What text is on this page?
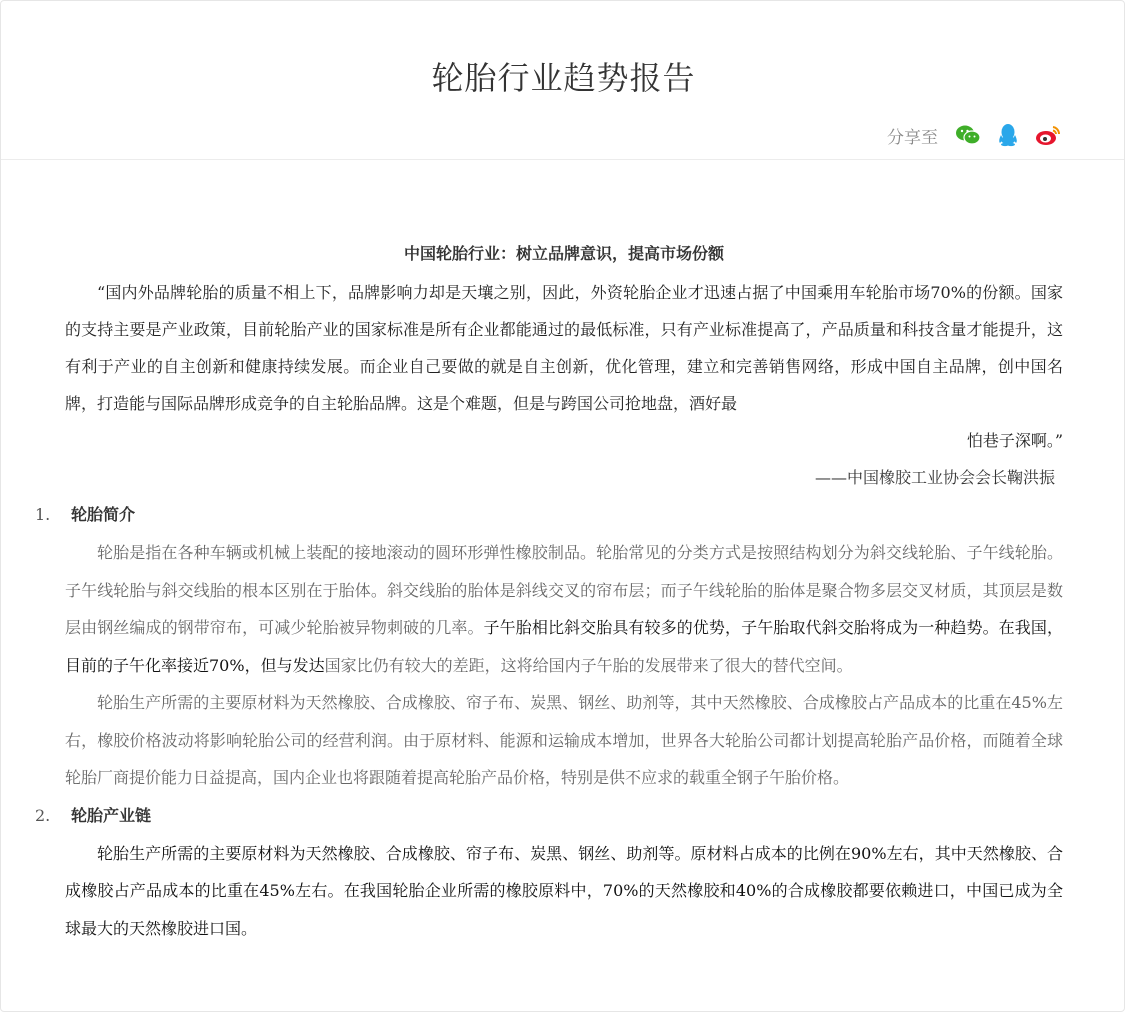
轮胎行业趋势报告
分享至
中国轮胎行业：树立品牌意识，提高市场份额

“国内外品牌轮胎的质量不相上下，品牌影响力却是天壤之别，因此，外资轮胎企业才迅速占据了中国乘用车轮胎市场70%的份额。国家的支持主要是产业政策，目前轮胎产业的国家标准是所有企业都能通过的最低标准，只有产业标准提高了，产品质量和科技含量才能提升，这有利于产业的自主创新和健康持续发展。而企业自己要做的就是自主创新，优化管理，建立和完善销售网络，形成中国自主品牌，创中国名牌，打造能与国际品牌形成竞争的自主轮胎品牌。这是个难题，但是与跨国公司抢地盘，酒好最
怕巷子深啊。”

——中国橡胶工业协会会长鞠洪振
1. 轮胎简介

轮胎是指在各种车辆或机械上装配的接地滚动的圆环形弹性橡胶制品。轮胎常见的分类方式是按照结构划分为斜交线轮胎、子午线轮胎。子午线轮胎与斜交线胎的根本区别在于胎体。斜交线胎的胎体是斜线交叉的帘布层；而子午线轮胎的胎体是聚合物多层交叉材质，其顶层是数层由钢丝编成的钢带帘布，可减少轮胎被异物刺破的几率。子午胎相比斜交胎具有较多的优势，子午胎取代斜交胎将成为一种趋势。在我国，目前的子午化率接近70%，但与发达国家比仍有较大的差距，这将给国内子午胎的发展带来了很大的替代空间。

轮胎生产所需的主要原材料为天然橡胶、合成橡胶、帘子布、炭黑、钢丝、助剂等，其中天然橡胶、合成橡胶占产品成本的比重在45%左右，橡胶价格波动将影响轮胎公司的经营利润。由于原材料、能源和运输成本增加，世界各大轮胎公司都计划提高轮胎产品价格，而随着全球轮胎厂商提价能力日益提高，国内企业也将跟随着提高轮胎产品价格，特别是供不应求的载重全钢子午胎价格。

2. 轮胎产业链

轮胎生产所需的主要原材料为天然橡胶、合成橡胶、帘子布、炭黑、钢丝、助剂等。原材料占成本的比例在90%左右，其中天然橡胶、合成橡胶占产品成本的比重在45%左右。在我国轮胎企业所需的橡胶原料中，70%的天然橡胶和40%的合成橡胶都要依赖进口，中国已成为全球最大的天然橡胶进口国。
